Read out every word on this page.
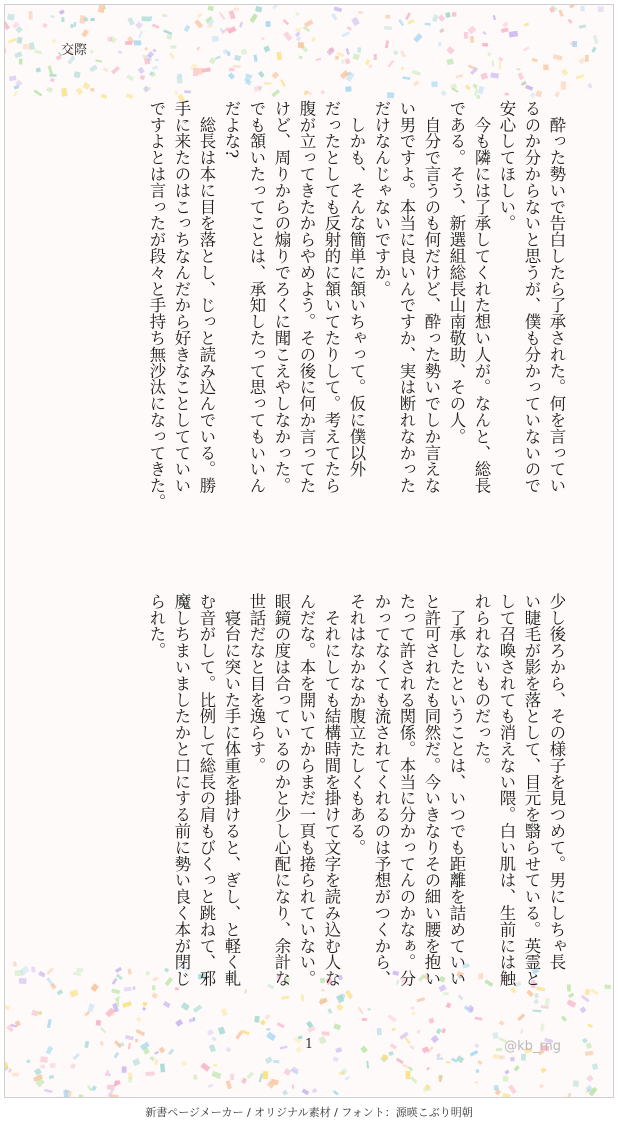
交際
　酔った勢いで告白したら了承された。何を言ってい
るのか分からないと思うが、僕も分かっていないので
安心してほしい。
　今も隣には了承してくれた想い人が。なんと、総長
である。そう、新選組総長山南敬助、その人。
　自分で言うのも何だけど、酔った勢いでしか言えな
い男ですよ。本当に良いんですか、実は断れなかった
だけなんじゃないですか。
　しかも、そんな簡単に頷いちゃって。仮に僕以外
だったとしても反射的に頷いてたりして。考えてたら
腹が立ってきたからやめよう。その後に何か言ってた
けど、周りからの煽りでろくに聞こえやしなかった。
でも頷いたってことは、承知したって思ってもいいん
だよな?
　総長は本に目を落とし、じっと読み込んでいる。勝
手に来たのはこっちなんだから好きなことしてていい
ですよとは言ったが段々と手持ち無沙汰になってきた。
少し後ろから、その様子を見つめて。男にしちゃ長
い睫毛が影を落として、目元を翳らせている。英霊と
して召喚されても消えない隈。白い肌は、生前には触
れられないものだった。
　了承したということは、いつでも距離を詰めていい
と許可されたも同然だ。今いきなりその細い腰を抱い
たって許される関係。本当に分かってんのかなぁ。分
かってなくても流されてくれるのは予想がつくから、
それはなかなか腹立たしくもある。
　それにしても結構時間を掛けて文字を読み込む人な
んだな。本を開いてからまだ一頁も捲られていない。
眼鏡の度は合っているのかと少し心配になり、余計な
世話だなと目を逸らす。
　寝台に突いた手に体重を掛けると、ぎし、と軽く軋
む音がして。比例して総長の肩もびくっと跳ねて、邪
魔しちまいましたかと口にする前に勢い良く本が閉じ
られた。
1	@kb_rng
新書ページメーカー / オリジナル素材 / フォント：源暎こぶり明朝
